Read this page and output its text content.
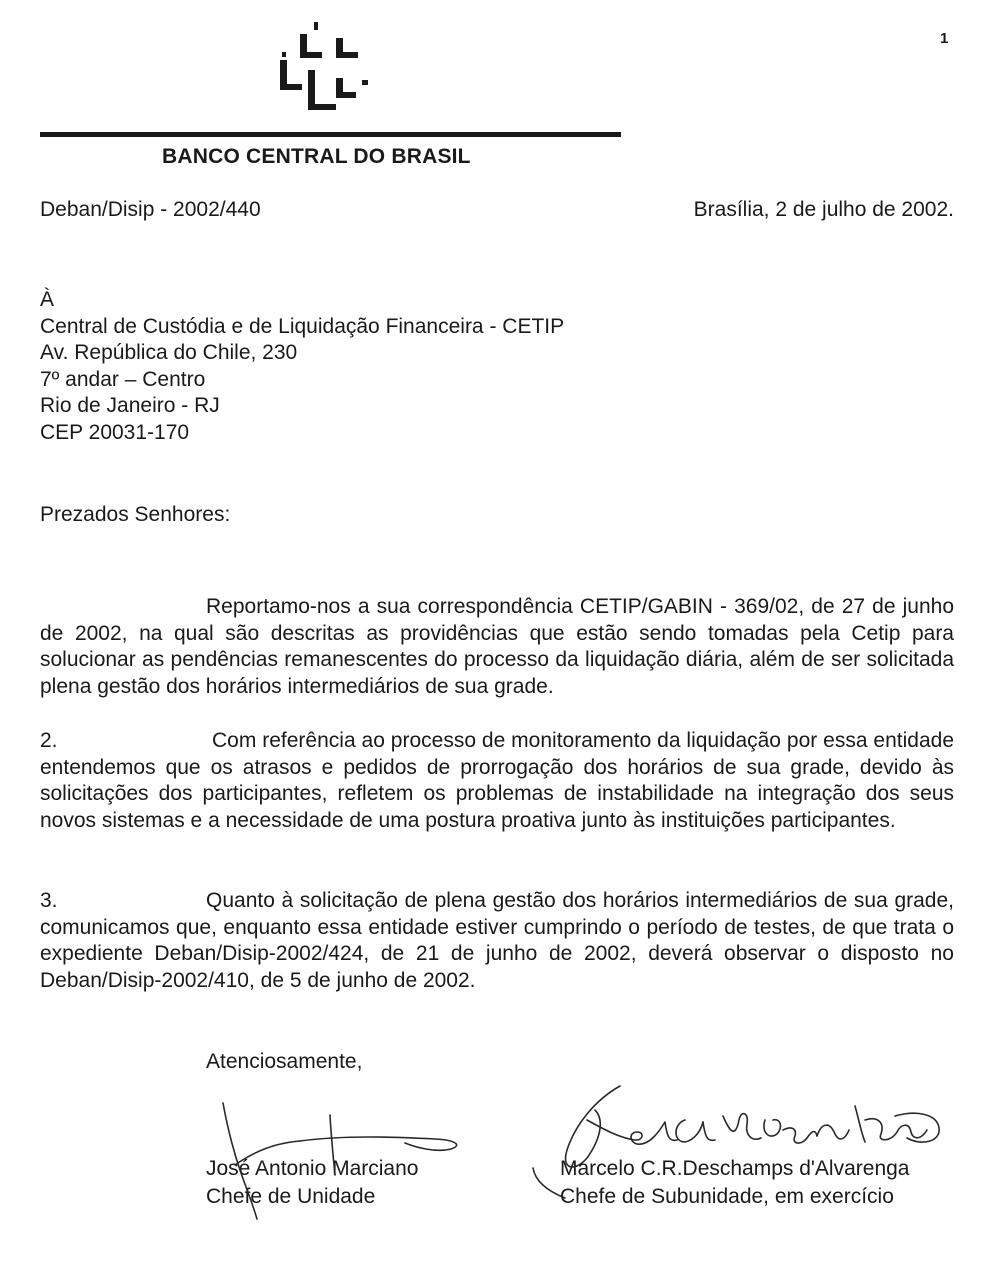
1
BANCO CENTRAL DO BRASIL
Deban/Disip - 2002/440	Brasília, 2 de julho de 2002.
À
Central de Custódia e de Liquidação Financeira - CETIP
Av. República do Chile, 230
7º andar – Centro
Rio de Janeiro - RJ
CEP 20031-170
Prezados Senhores:
Reportamo-nos a sua correspondência CETIP/GABIN - 369/02, de 27 de junho de 2002, na qual são descritas as providências que estão sendo tomadas pela Cetip para solucionar as pendências remanescentes do processo da liquidação diária, além de ser solicitada plena gestão dos horários intermediários de sua grade.
2.	Com referência ao processo de monitoramento da liquidação por essa entidade entendemos que os atrasos e pedidos de prorrogação dos horários de sua grade, devido às solicitações dos participantes, refletem os problemas de instabilidade na integração dos seus novos sistemas e a necessidade de uma postura proativa junto às instituições participantes.
3.	Quanto à solicitação de plena gestão dos horários intermediários de sua grade, comunicamos que, enquanto essa entidade estiver cumprindo o período de testes, de que trata o expediente Deban/Disip-2002/424, de 21 de junho de 2002, deverá observar o disposto no Deban/Disip-2002/410, de 5 de junho de 2002.
Atenciosamente,
José Antonio Marciano
Chefe de Unidade
Marcelo C.R.Deschamps d'Alvarenga
Chefe de Subunidade, em exercício
